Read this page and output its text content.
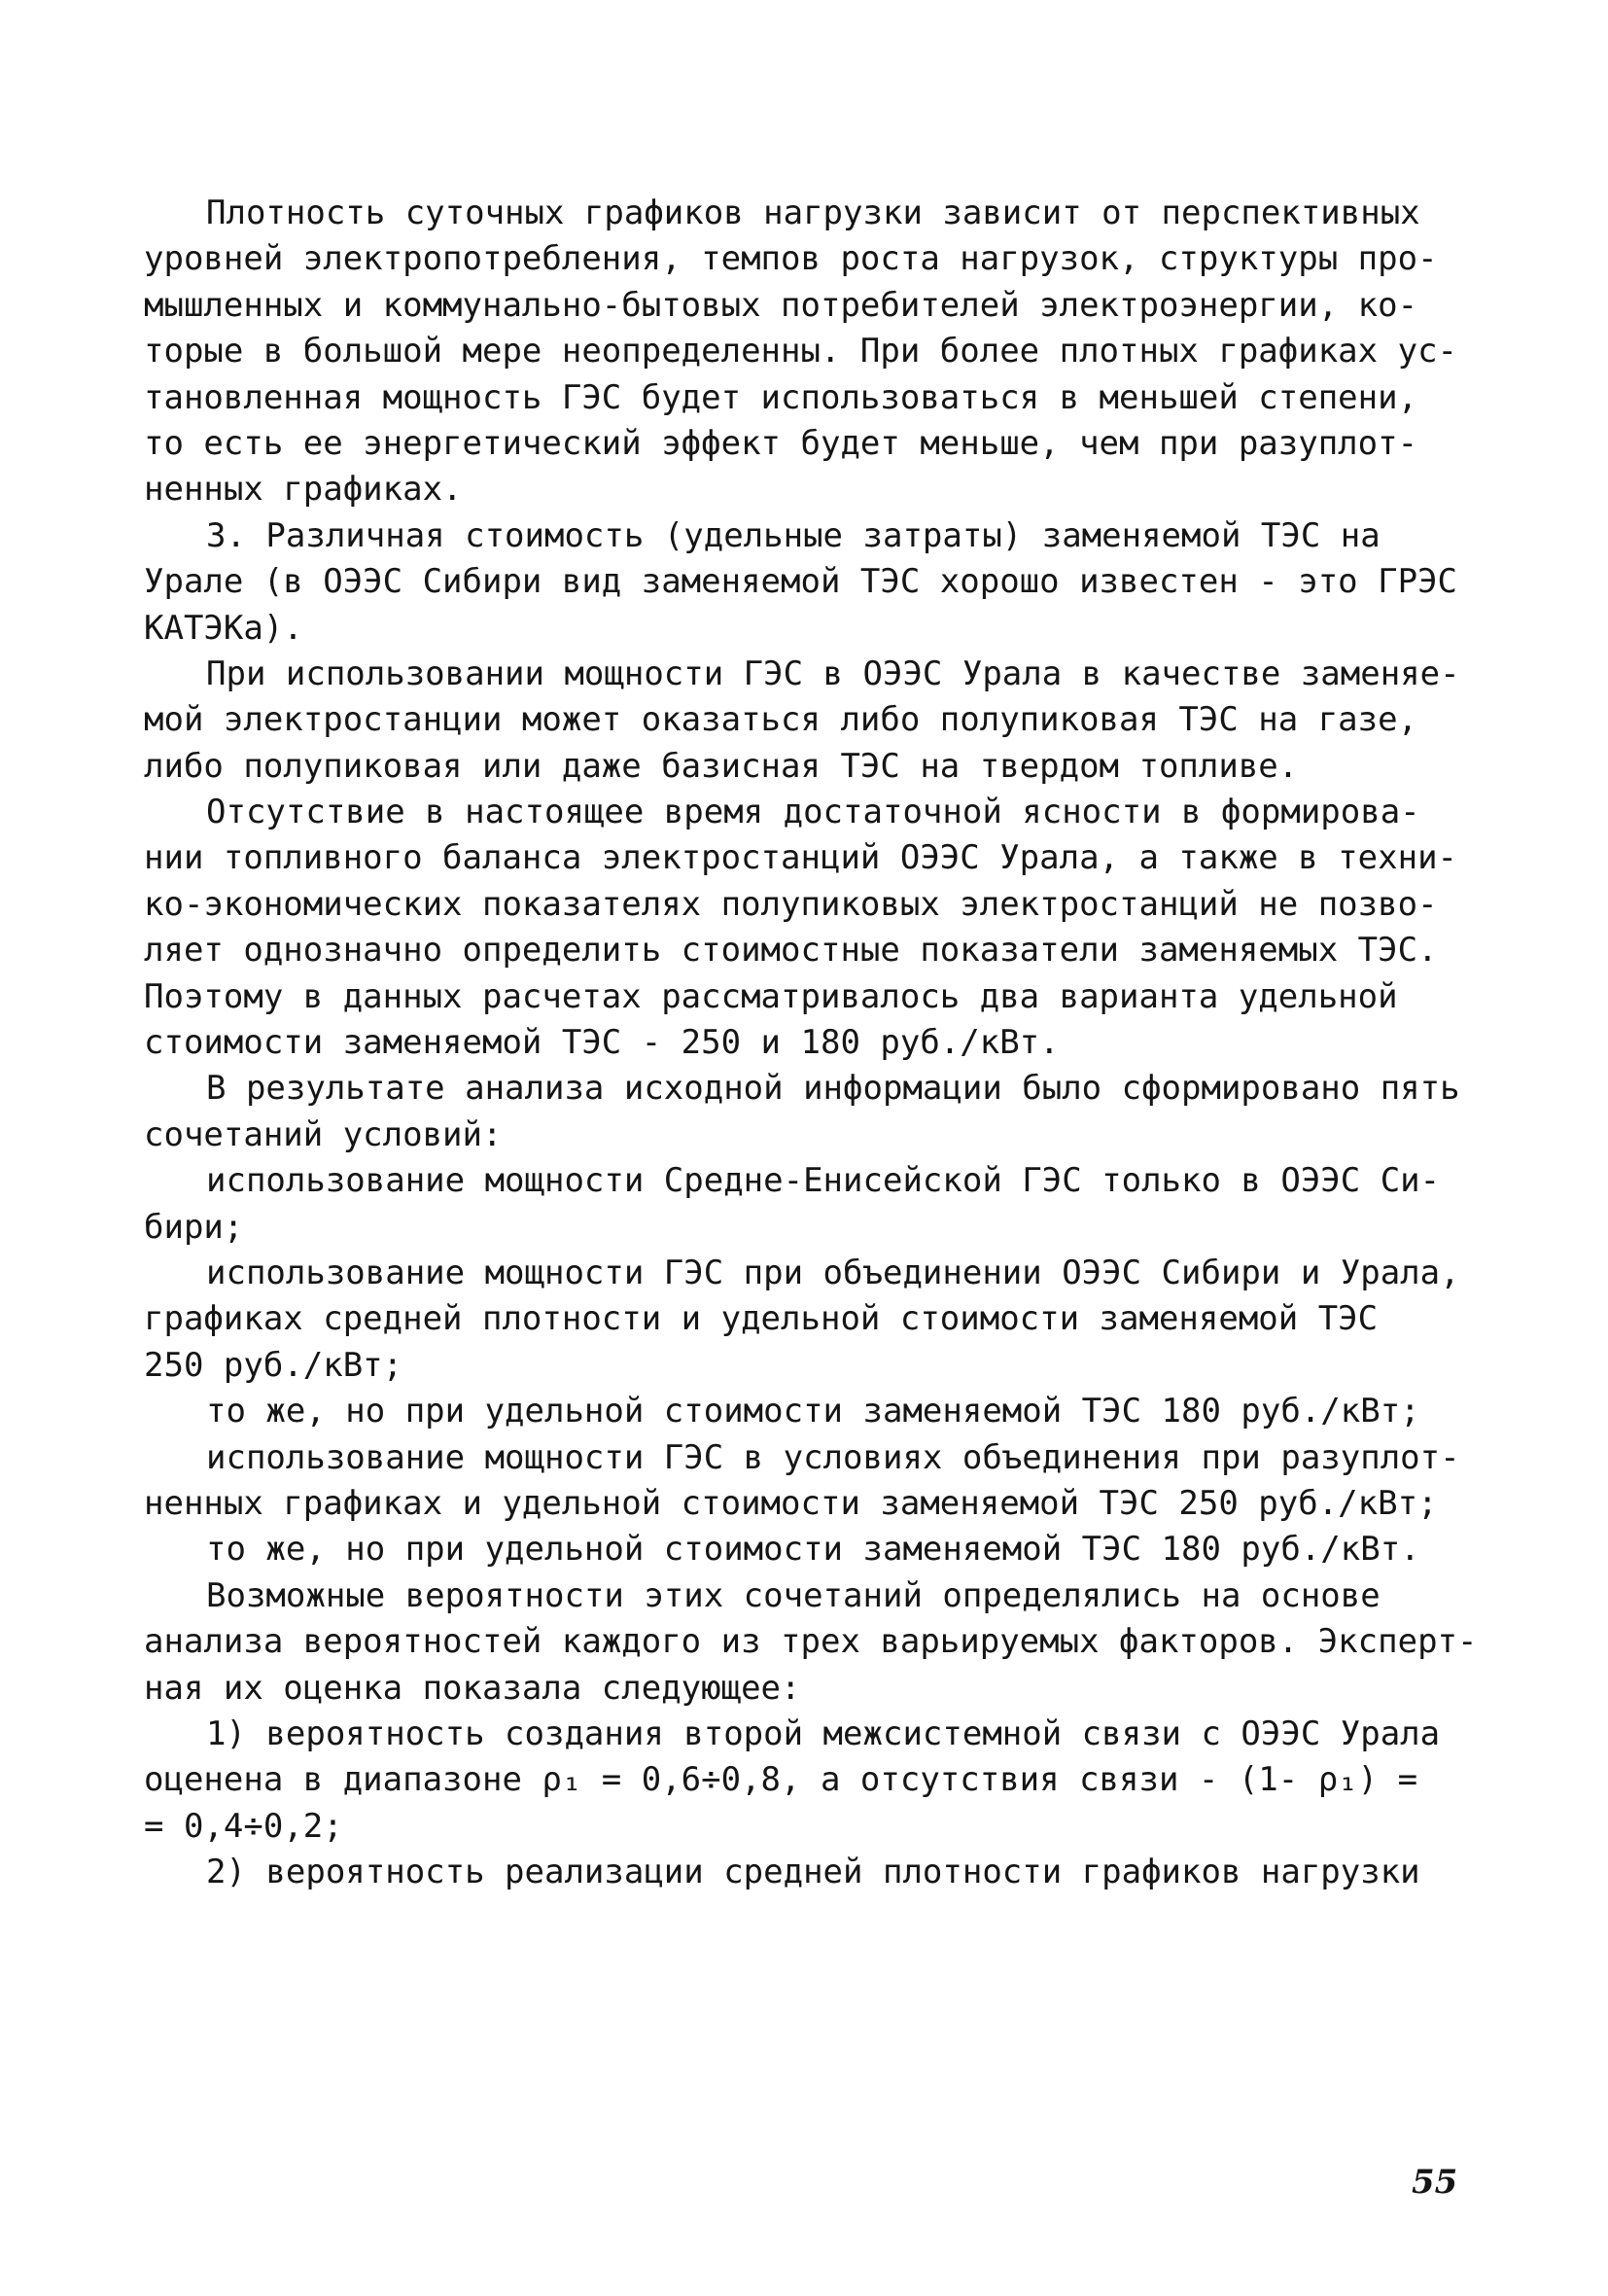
Плотность суточных графиков нагрузки зависит от перспективных
уровней электропотребления, темпов роста нагрузок, структуры про-
мышленных и коммунально-бытовых потребителей электроэнергии, ко-
торые в большой мере неопределенны. При более плотных графиках ус-
тановленная мощность ГЭС будет использоваться в меньшей степени,
то есть ее энергетический эффект будет меньше, чем при разуплот-
ненных графиках.
3. Различная стоимость (удельные затраты) заменяемой ТЭС на
Урале (в ОЭЭС Сибири вид заменяемой ТЭС хорошо известен - это ГРЭС
КАТЭКа).
При использовании мощности ГЭС в ОЭЭС Урала в качестве заменяе-
мой электростанции может оказаться либо полупиковая ТЭС на газе,
либо полупиковая или даже базисная ТЭС на твердом топливе.
Отсутствие в настоящее время достаточной ясности в формирова-
нии топливного баланса электростанций ОЭЭС Урала, а также в техни-
ко-экономических показателях полупиковых электростанций не позво-
ляет однозначно определить стоимостные показатели заменяемых ТЭС.
Поэтому в данных расчетах рассматривалось два варианта удельной
стоимости заменяемой ТЭС - 250 и 180 руб./кВт.
В результате анализа исходной информации было сформировано пять
сочетаний условий:
использование мощности Средне-Енисейской ГЭС только в ОЭЭС Си-
бири;
использование мощности ГЭС при объединении ОЭЭС Сибири и Урала,
графиках средней плотности и удельной стоимости заменяемой ТЭС
250 руб./кВт;
то же, но при удельной стоимости заменяемой ТЭС 180 руб./кВт;
использование мощности ГЭС в условиях объединения при разуплот-
ненных графиках и удельной стоимости заменяемой ТЭС 250 руб./кВт;
то же, но при удельной стоимости заменяемой ТЭС 180 руб./кВт.
Возможные вероятности этих сочетаний определялись на основе
анализа вероятностей каждого из трех варьируемых факторов. Эксперт-
ная их оценка показала следующее:
1) вероятность создания второй межсистемной связи с ОЭЭС Урала
оценена в диапазоне ρ₁ = 0,6÷0,8, а отсутствия связи - (1- ρ₁) =
= 0,4÷0,2;
2) вероятность реализации средней плотности графиков нагрузки
55
